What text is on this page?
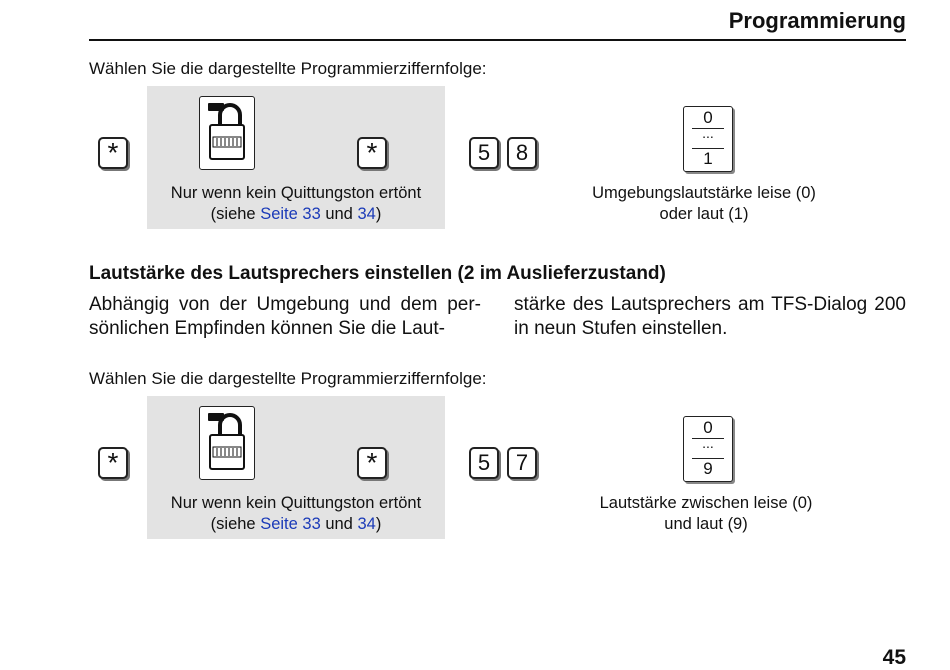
Programmierung
Wählen Sie die dargestellte Programmierziffernfolge:
*	*
Nur wenn kein Quittungston ertönt
(siehe Seite 33 und 34)
5	8
0
...
1
Umgebungslautstärke leise (0)
oder laut (1)
Lautstärke des Lautsprechers einstellen (2 im Auslieferzustand)
Abhängig von der Umgebung und dem per- sönlichen Empfinden können Sie die Laut-
stärke des Lautsprechers am TFS-Dialog 200 in neun Stufen einstellen.
Wählen Sie die dargestellte Programmierziffernfolge:
*	*
Nur wenn kein Quittungston ertönt
(siehe Seite 33 und 34)
5	7
0
...
9
Lautstärke zwischen leise (0)
und laut (9)
45
